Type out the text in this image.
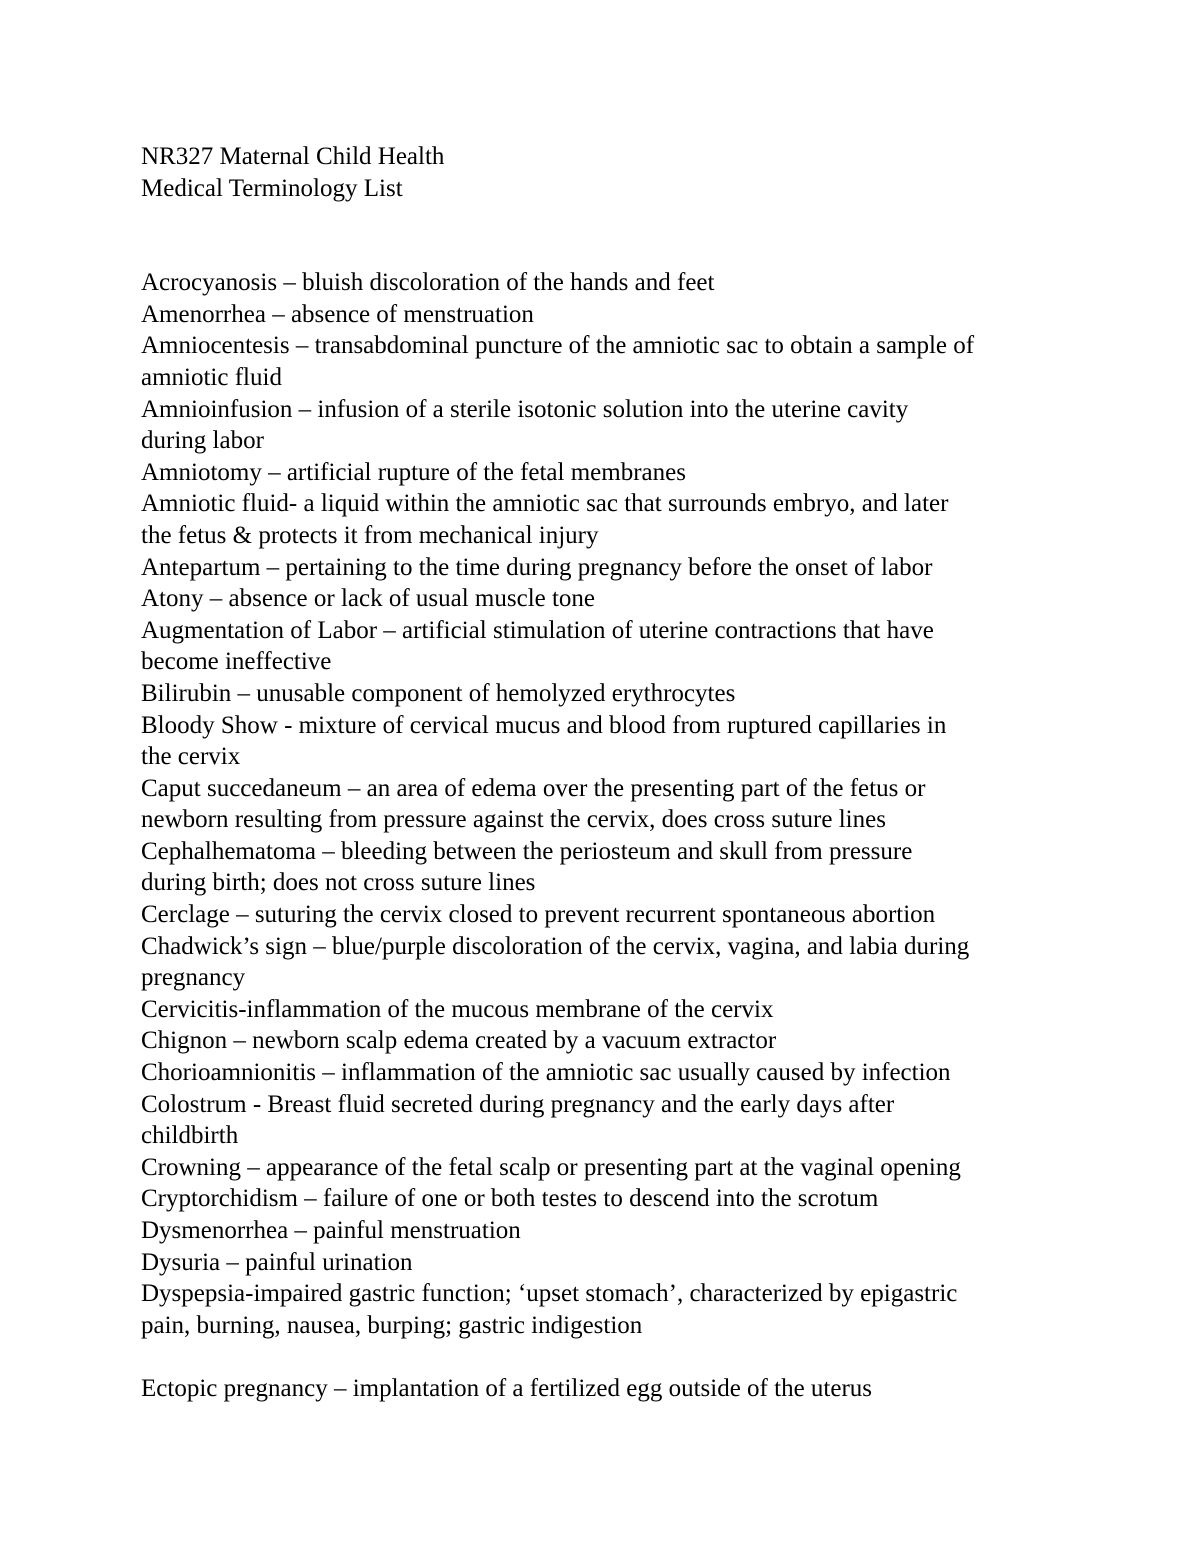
NR327 Maternal Child Health

Medical Terminology List

Acrocyanosis – bluish discoloration of the hands and feet

Amenorrhea – absence of menstruation

Amniocentesis – transabdominal puncture of the amniotic sac to obtain a sample of

amniotic fluid

Amnioinfusion – infusion of a sterile isotonic solution into the uterine cavity

during labor

Amniotomy – artificial rupture of the fetal membranes

Amniotic fluid- a liquid within the amniotic sac that surrounds embryo, and later

the fetus & protects it from mechanical injury

Antepartum – pertaining to the time during pregnancy before the onset of labor

Atony – absence or lack of usual muscle tone

Augmentation of Labor – artificial stimulation of uterine contractions that have

become ineffective

Bilirubin – unusable component of hemolyzed erythrocytes

Bloody Show - mixture of cervical mucus and blood from ruptured capillaries in

the cervix

Caput succedaneum – an area of edema over the presenting part of the fetus or

newborn resulting from pressure against the cervix, does cross suture lines

Cephalhematoma – bleeding between the periosteum and skull from pressure

during birth; does not cross suture lines

Cerclage – suturing the cervix closed to prevent recurrent spontaneous abortion

Chadwick’s sign – blue/purple discoloration of the cervix, vagina, and labia during

pregnancy

Cervicitis-inflammation of the mucous membrane of the cervix

Chignon – newborn scalp edema created by a vacuum extractor

Chorioamnionitis – inflammation of the amniotic sac usually caused by infection

Colostrum - Breast fluid secreted during pregnancy and the early days after

childbirth

Crowning – appearance of the fetal scalp or presenting part at the vaginal opening

Cryptorchidism – failure of one or both testes to descend into the scrotum

Dysmenorrhea – painful menstruation

Dysuria – painful urination

Dyspepsia-impaired gastric function; ‘upset stomach’, characterized by epigastric

pain, burning, nausea, burping; gastric indigestion

Ectopic pregnancy – implantation of a fertilized egg outside of the uterus
